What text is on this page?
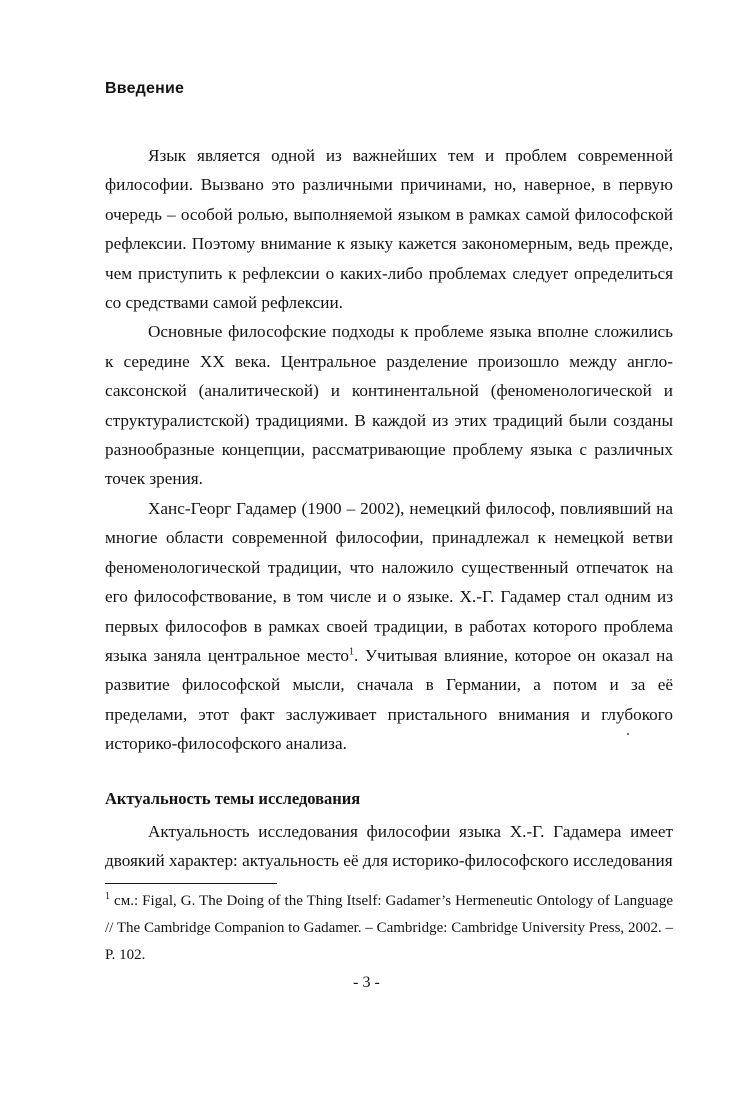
Введение

Язык является одной из важнейших тем и проблем современной философии. Вызвано это различными причинами, но, наверное, в первую очередь – особой ролью, выполняемой языком в рамках самой философской рефлексии. Поэтому внимание к языку кажется закономерным, ведь прежде, чем приступить к рефлексии о каких-либо проблемах следует определиться со средствами самой рефлексии.

Основные философские подходы к проблеме языка вполне сложились к середине XX века. Центральное разделение произошло между англо-саксонской (аналитической) и континентальной (феноменологической и структуралистской) традициями. В каждой из этих традиций были созданы разнообразные концепции, рассматривающие проблему языка с различных точек зрения.

Ханс-Георг Гадамер (1900 – 2002), немецкий философ, повлиявший на многие области современной философии, принадлежал к немецкой ветви феноменологической традиции, что наложило существенный отпечаток на его философствование, в том числе и о языке. Х.-Г. Гадамер стал одним из первых философов в рамках своей традиции, в работах которого проблема языка заняла центральное место$^1$. Учитывая влияние, которое он оказал на развитие философской мысли, сначала в Германии, а потом и за её пределами, этот факт заслуживает пристального внимания и глубокого историко-философского анализа.

Актуальность темы исследования

Актуальность исследования философии языка Х.-Г. Гадамера имеет двоякий характер: актуальность её для историко-философского исследования

$^1$ см.: Figal, G. The Doing of the Thing Itself: Gadamer’s Hermeneutic Ontology of Language // The Cambridge Companion to Gadamer. – Cambridge: Cambridge University Press, 2002. – P. 102.
- 3 -
